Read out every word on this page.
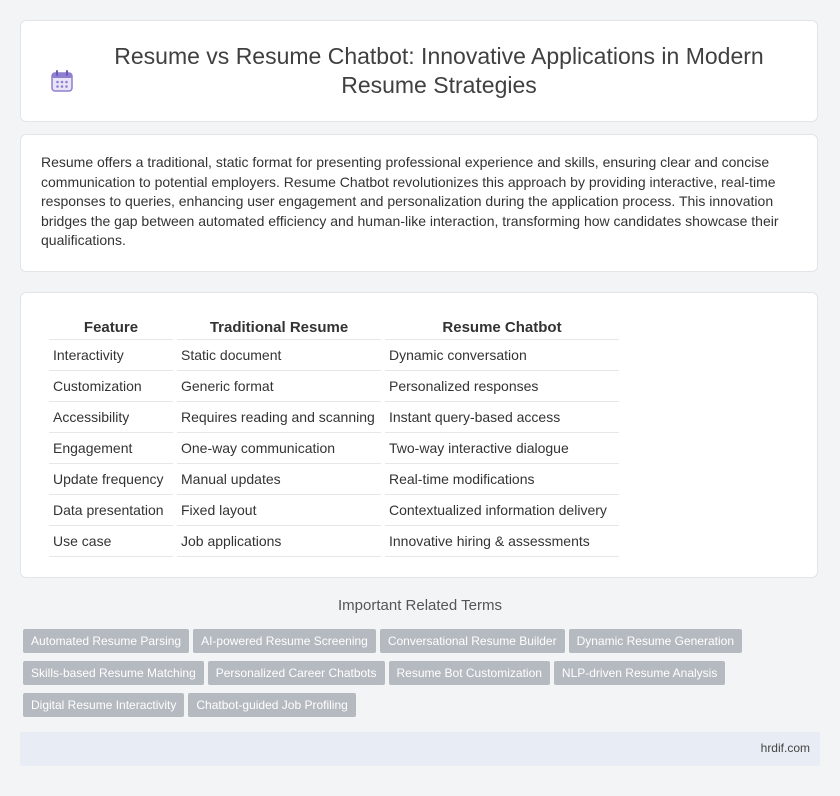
Resume vs Resume Chatbot: Innovative Applications in Modern Resume Strategies

Resume offers a traditional, static format for presenting professional experience and skills, ensuring clear and concise communication to potential employers. Resume Chatbot revolutionizes this approach by providing interactive, real-time responses to queries, enhancing user engagement and personalization during the application process. This innovation bridges the gap between automated efficiency and human-like interaction, transforming how candidates showcase their qualifications.

Feature	Traditional Resume	Resume Chatbot
Interactivity	Static document	Dynamic conversation
Customization	Generic format	Personalized responses
Accessibility	Requires reading and scanning	Instant query-based access
Engagement	One-way communication	Two-way interactive dialogue
Update frequency	Manual updates	Real-time modifications
Data presentation	Fixed layout	Contextualized information delivery
Use case	Job applications	Innovative hiring & assessments
Important Related Terms
Automated Resume Parsing AI-powered Resume Screening Conversational Resume Builder Dynamic Resume Generation
Skills-based Resume Matching Personalized Career Chatbots Resume Bot Customization NLP-driven Resume Analysis
Digital Resume Interactivity Chatbot-guided Job Profiling
hrdif.com
